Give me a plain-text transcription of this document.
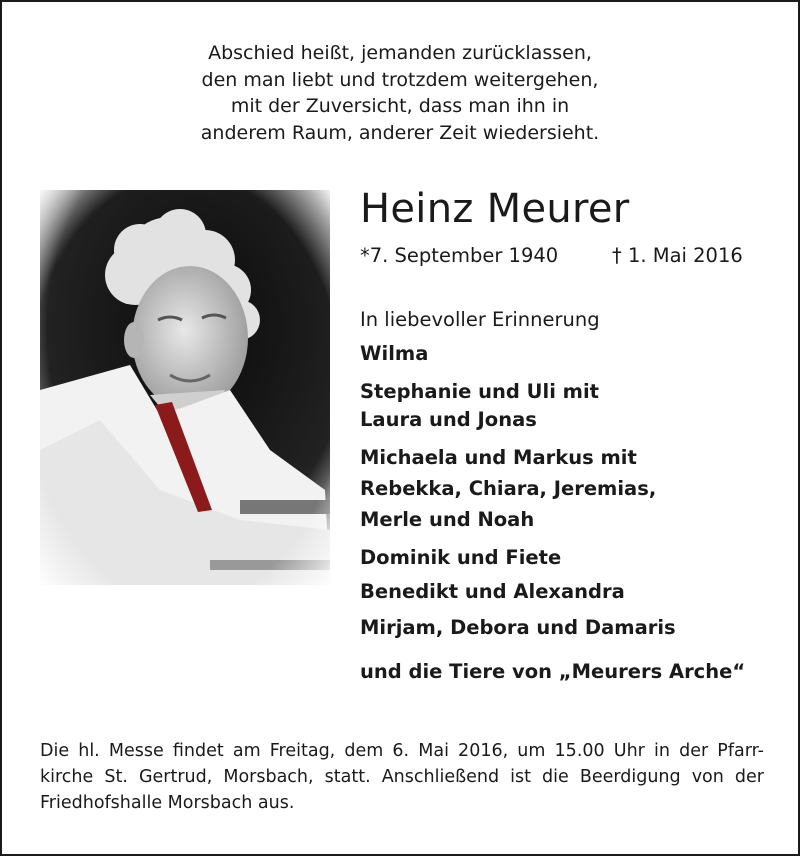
Abschied heißt, jemanden zurücklassen,
den man liebt und trotzdem weitergehen,
mit der Zuversicht, dass man ihn in
anderem Raum, anderer Zeit wiedersieht.
Heinz Meurer
*7. September 1940	† 1. Mai 2016
In liebevoller Erinnerung
Wilma
Stephanie und Uli mit
Laura und Jonas
Michaela und Markus mit
Rebekka, Chiara, Jeremias,
Merle und Noah
Dominik und Fiete
Benedikt und Alexandra
Mirjam, Debora und Damaris
und die Tiere von „Meurers Arche“
Die hl. Messe findet am Freitag, dem 6. Mai 2016, um 15.00 Uhr in der Pfarr-
kirche St. Gertrud, Morsbach, statt. Anschließend ist die Beerdigung von der
Friedhofshalle Morsbach aus.
